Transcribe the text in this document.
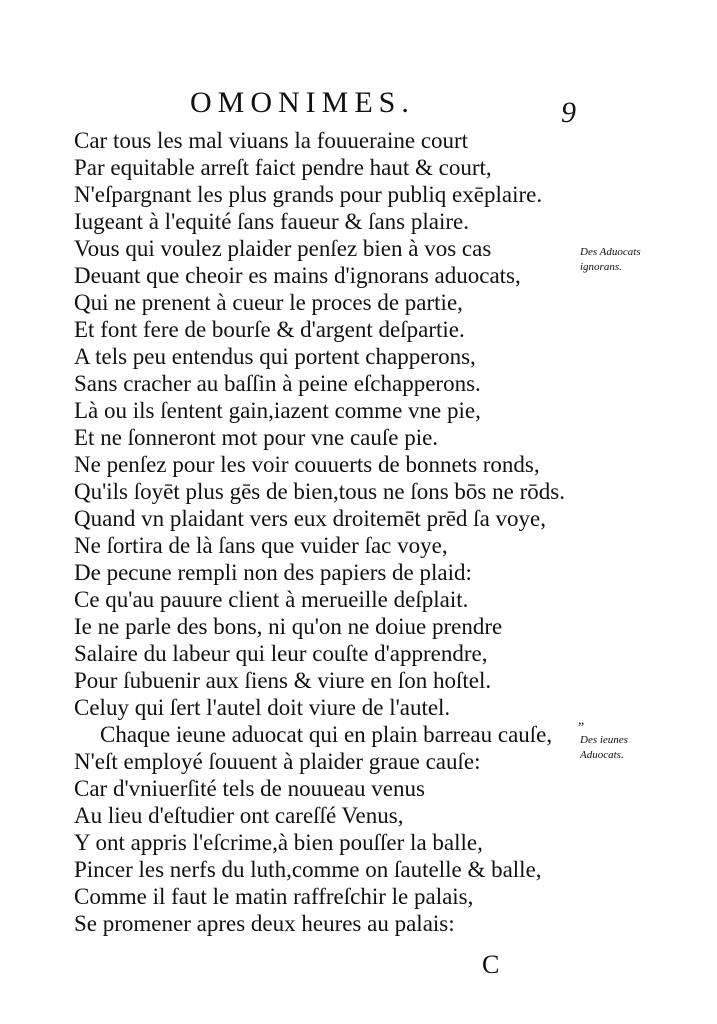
OMONIMES.	9
Car tous les mal viuans la fouueraine court
Par equitable arreſt faict pendre haut & court,
N'eſpargnant les plus grands pour publiq exēplaire.
Iugeant à l'equité ſans faueur & ſans plaire.
Vous qui voulez plaider penſez bien à vos cas
Deuant que cheoir es mains d'ignorans aduocats,
Qui ne prenent à cueur le proces de partie,
Et font fere de bourſe & d'argent deſpartie.
A tels peu entendus qui portent chapperons,
Sans cracher au baſſin à peine eſchapperons.
Là ou ils ſentent gain,iazent comme vne pie,
Et ne ſonneront mot pour vne cauſe pie.
Ne penſez pour les voir couuerts de bonnets ronds,
Qu'ils ſoyēt plus gēs de bien,tous ne ſons bōs ne rōds.
Quand vn plaidant vers eux droitemēt prēd ſa voye,
Ne ſortira de là ſans que vuider ſac voye,
De pecune rempli non des papiers de plaid:
Ce qu'au pauure client à merueille deſplait.
Ie ne parle des bons, ni qu'on ne doiue prendre
Salaire du labeur qui leur couſte d'apprendre,
Pour ſubuenir aux ſiens & viure en ſon hoſtel.
Celuy qui ſert l'autel doit viure de l'autel.
Chaque ieune aduocat qui en plain barreau cauſe,
N'eſt employé ſouuent à plaider graue cauſe:
Car d'vniuerſité tels de nouueau venus
Au lieu d'eſtudier ont careſſé Venus,
Y ont appris l'eſcrime,à bien pouſſer la balle,
Pincer les nerfs du luth,comme on ſautelle & balle,
Comme il faut le matin raffreſchir le palais,
Se promener apres deux heures au palais:
Des Aduocats ignorans.
„
Des ieunes Aduocats.
C
